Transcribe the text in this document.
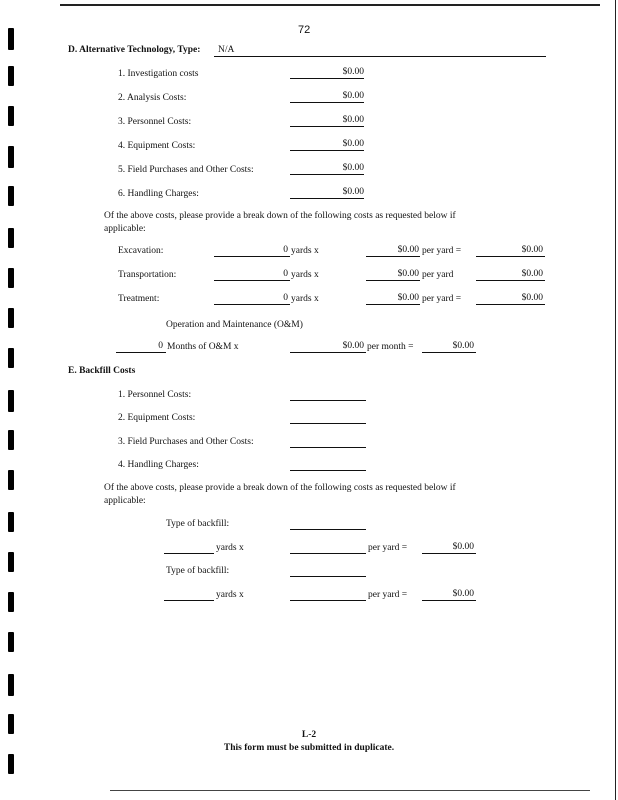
72
D. Alternative Technology, Type: N/A
1. Investigation costs	$0.00
2. Analysis Costs:	$0.00
3. Personnel Costs:	$0.00
4. Equipment Costs:	$0.00
5. Field Purchases and Other Costs:	$0.00
6. Handling Charges:	$0.00
Of the above costs, please provide a break down of the following costs as requested below if
applicable:
Excavation:	0 yards x	$0.00 per yard =	$0.00
Transportation:	0 yards x	$0.00 per yard	$0.00
Treatment:	0 yards x	$0.00 per yard =	$0.00
Operation and Maintenance (O&M)
0 Months of O&M x	$0.00 per month =	$0.00
E. Backfill Costs
1. Personnel Costs:
2. Equipment Costs:
3. Field Purchases and Other Costs:
4. Handling Charges:
Of the above costs, please provide a break down of the following costs as requested below if
applicable:
Type of backfill:
yards x	per yard =	$0.00
Type of backfill:
yards x	per yard =	$0.00
L-2
This form must be submitted in duplicate.
